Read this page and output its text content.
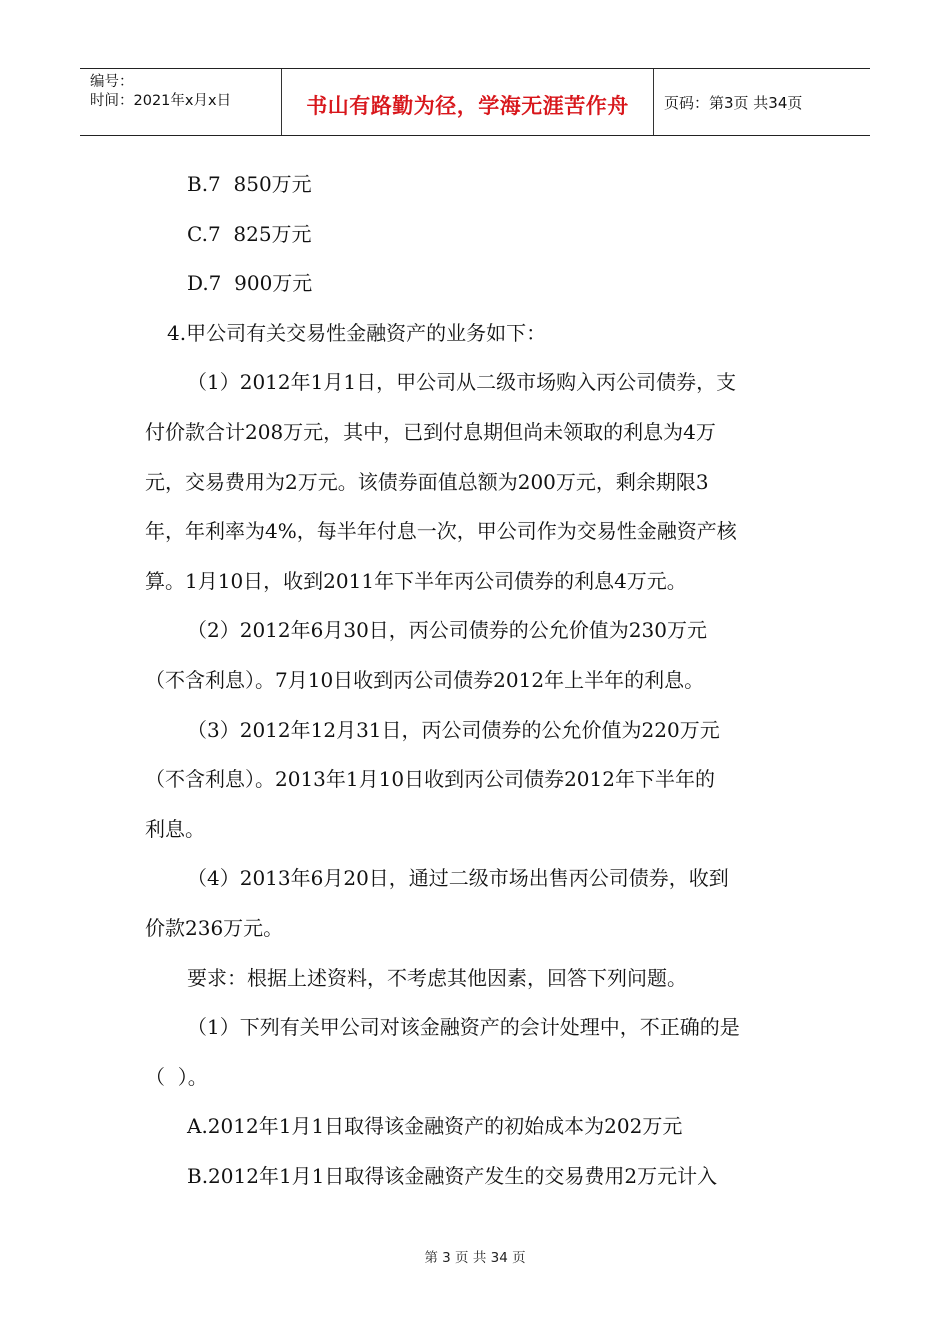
编号：
时间：2021年x月x日	书山有路勤为径，学海无涯苦作舟 页码：第3页 共34页

B.7  850万元

C.7  825万元

D.7  900万元

4.甲公司有关交易性金融资产的业务如下：

（1）2012年1月1日，甲公司从二级市场购入丙公司债券，支

付价款合计208万元，其中，已到付息期但尚未领取的利息为4万

元，交易费用为2万元。该债券面值总额为200万元，剩余期限3

年，年利率为4%，每半年付息一次，甲公司作为交易性金融资产核

算。1月10日，收到2011年下半年丙公司债券的利息4万元。

（2）2012年6月30日，丙公司债券的公允价值为230万元

（不含利息）。7月10日收到丙公司债券2012年上半年的利息。

（3）2012年12月31日，丙公司债券的公允价值为220万元

（不含利息）。2013年1月10日收到丙公司债券2012年下半年的

利息。

（4）2013年6月20日，通过二级市场出售丙公司债券，收到

价款236万元。

要求：根据上述资料，不考虑其他因素，回答下列问题。

（1）下列有关甲公司对该金融资产的会计处理中，不正确的是

（  ）。

A.2012年1月1日取得该金融资产的初始成本为202万元

B.2012年1月1日取得该金融资产发生的交易费用2万元计入

第 3 页 共 34 页
